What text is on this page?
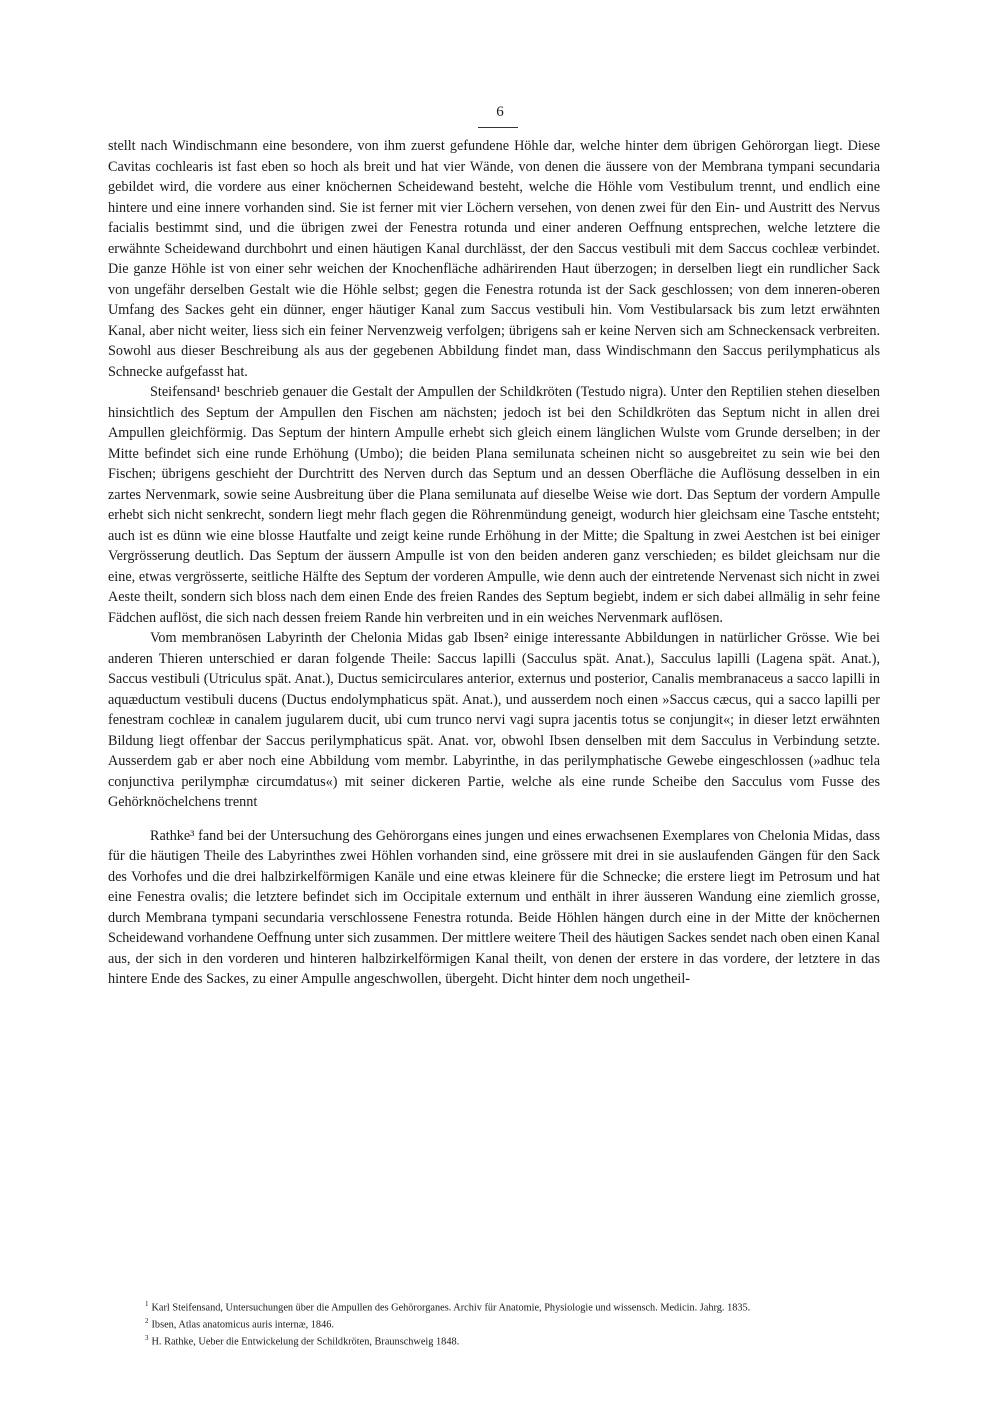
6

stellt nach Windischmann eine besondere, von ihm zuerst gefundene Höhle dar, welche hinter dem übrigen Gehörorgan liegt. Diese Cavitas cochlearis ist fast eben so hoch als breit und hat vier Wände, von denen die äussere von der Membrana tympani secundaria gebildet wird, die vordere aus einer knöchernen Scheidewand besteht, welche die Höhle vom Vestibulum trennt, und endlich eine hintere und eine innere vorhanden sind. Sie ist ferner mit vier Löchern versehen, von denen zwei für den Ein- und Austritt des Nervus facialis bestimmt sind, und die übrigen zwei der Fenestra rotunda und einer anderen Oeffnung entsprechen, welche letztere die erwähnte Scheidewand durchbohrt und einen häutigen Kanal durchlässt, der den Saccus vestibuli mit dem Saccus cochleæ verbindet. Die ganze Höhle ist von einer sehr weichen der Knochenfläche adhärirenden Haut überzogen; in derselben liegt ein rundlicher Sack von ungefähr derselben Gestalt wie die Höhle selbst; gegen die Fenestra rotunda ist der Sack geschlossen; von dem inneren-oberen Umfang des Sackes geht ein dünner, enger häutiger Kanal zum Saccus vestibuli hin. Vom Vestibularsack bis zum letzt erwähnten Kanal, aber nicht weiter, liess sich ein feiner Nervenzweig verfolgen; übrigens sah er keine Nerven sich am Schneckensack verbreiten. Sowohl aus dieser Beschreibung als aus der gegebenen Abbildung findet man, dass Windischmann den Saccus perilymphaticus als Schnecke aufgefasst hat.

Steifensand¹ beschrieb genauer die Gestalt der Ampullen der Schildkröten (Testudo nigra). Unter den Reptilien stehen dieselben hinsichtlich des Septum der Ampullen den Fischen am nächsten; jedoch ist bei den Schildkröten das Septum nicht in allen drei Ampullen gleichförmig. Das Septum der hintern Ampulle erhebt sich gleich einem länglichen Wulste vom Grunde derselben; in der Mitte befindet sich eine runde Erhöhung (Umbo); die beiden Plana semilunata scheinen nicht so ausgebreitet zu sein wie bei den Fischen; übrigens geschieht der Durchtritt des Nerven durch das Septum und an dessen Oberfläche die Auflösung desselben in ein zartes Nervenmark, sowie seine Ausbreitung über die Plana semilunata auf dieselbe Weise wie dort. Das Septum der vordern Ampulle erhebt sich nicht senkrecht, sondern liegt mehr flach gegen die Röhrenmündung geneigt, wodurch hier gleichsam eine Tasche entsteht; auch ist es dünn wie eine blosse Hautfalte und zeigt keine runde Erhöhung in der Mitte; die Spaltung in zwei Aestchen ist bei einiger Vergrösserung deutlich. Das Septum der äussern Ampulle ist von den beiden anderen ganz verschieden; es bildet gleichsam nur die eine, etwas vergrösserte, seitliche Hälfte des Septum der vorderen Ampulle, wie denn auch der eintretende Nervenast sich nicht in zwei Aeste theilt, sondern sich bloss nach dem einen Ende des freien Randes des Septum begiebt, indem er sich dabei allmälig in sehr feine Fädchen auflöst, die sich nach dessen freiem Rande hin verbreiten und in ein weiches Nervenmark auflösen.

Vom membranösen Labyrinth der Chelonia Midas gab Ibsen² einige interessante Abbildungen in natürlicher Grösse. Wie bei anderen Thieren unterschied er daran folgende Theile: Saccus lapilli (Sacculus spät. Anat.), Sacculus lapilli (Lagena spät. Anat.), Saccus vestibuli (Utriculus spät. Anat.), Ductus semicirculares anterior, externus und posterior, Canalis membranaceus a sacco lapilli in aquæductum vestibuli ducens (Ductus endolymphaticus spät. Anat.), und ausserdem noch einen »Saccus cæcus, qui a sacco lapilli per fenestram cochleæ in canalem jugularem ducit, ubi cum trunco nervi vagi supra jacentis totus se conjungit«; in dieser letzt erwähnten Bildung liegt offenbar der Saccus perilymphaticus spät. Anat. vor, obwohl Ibsen denselben mit dem Sacculus in Verbindung setzte. Ausserdem gab er aber noch eine Abbildung vom membr. Labyrinthe, in das perilymphatische Gewebe eingeschlossen (»adhuc tela conjunctiva perilymphæ circumdatus«) mit seiner dickeren Partie, welche als eine runde Scheibe den Sacculus vom Fusse des Gehörknöchelchens trennt

Rathke³ fand bei der Untersuchung des Gehörorgans eines jungen und eines erwachsenen Exemplares von Chelonia Midas, dass für die häutigen Theile des Labyrinthes zwei Höhlen vorhanden sind, eine grössere mit drei in sie auslaufenden Gängen für den Sack des Vorhofes und die drei halbzirkelförmigen Kanäle und eine etwas kleinere für die Schnecke; die erstere liegt im Petrosum und hat eine Fenestra ovalis; die letztere befindet sich im Occipitale externum und enthält in ihrer äusseren Wandung eine ziemlich grosse, durch Membrana tympani secundaria verschlossene Fenestra rotunda. Beide Höhlen hängen durch eine in der Mitte der knöchernen Scheidewand vorhandene Oeffnung unter sich zusammen. Der mittlere weitere Theil des häutigen Sackes sendet nach oben einen Kanal aus, der sich in den vorderen und hinteren halbzirkelförmigen Kanal theilt, von denen der erstere in das vordere, der letztere in das hintere Ende des Sackes, zu einer Ampulle angeschwollen, übergeht. Dicht hinter dem noch ungetheil-

$^1$ Karl Steifensand, Untersuchungen über die Ampullen des Gehörorganes. Archiv für Anatomie, Physiologie und wissensch. Medicin. Jahrg. 1835.

$^2$ Ibsen, Atlas anatomicus auris internæ, 1846.

$^3$ H. Rathke, Ueber die Entwickelung der Schildkröten, Braunschweig 1848.
